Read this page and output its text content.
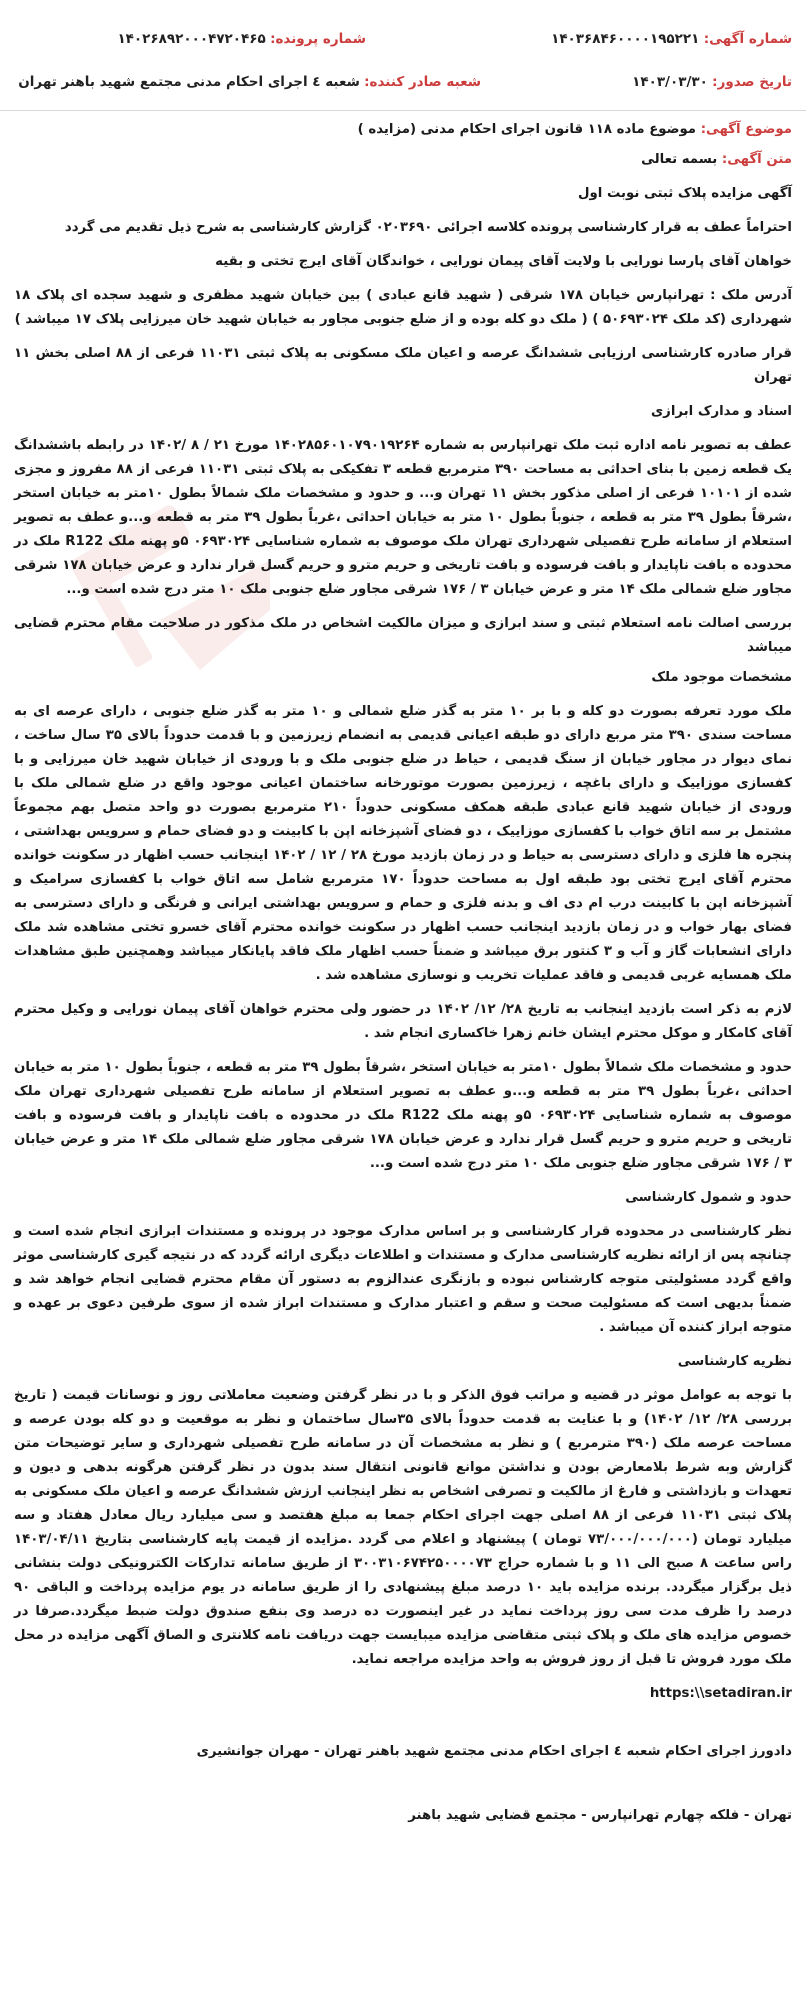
شماره آگهی: ۱۴۰۳۶۸۴۶۰۰۰۰۱۹۵۲۲۱
شماره پرونده: ۱۴۰۲۶۸۹۲۰۰۰۴۷۲۰۴۶۵
تاریخ صدور: ۱۴۰۳/۰۳/۳۰
شعبه صادر کننده: شعبه ٤ اجرای احکام مدنی مجتمع شهید باهنر تهران
موضوع آگهی: موضوع ماده ۱۱۸ قانون اجرای احکام مدنی (مزایده )
متن آگهی: بسمه تعالی
آگهی مزایده پلاک ثبتی نوبت اول
احتراماً عطف به قرار کارشناسی پرونده کلاسه اجرائی ۰۲۰۳۶۹۰ گزارش کارشناسی به شرح ذیل تقدیم می گردد
خواهان آقای پارسا نورایی با ولایت آقای پیمان نورایی ، خواندگان آقای ایرج تختی و بقیه
آدرس ملک : تهرانپارس خیابان ۱۷۸ شرقی ( شهید قانع عبادی ) بین خیابان شهید مظفری و شهید سجده ای پلاک ۱۸ شهرداری (کد ملک ۵۰۶۹۳۰۲۴ ) ( ملک دو کله بوده و از ضلع جنوبی مجاور به خیابان شهید خان میرزایی پلاک ۱۷ میباشد )
قرار صادره کارشناسی ارزیابی ششدانگ عرصه و اعیان ملک مسکونی به پلاک ثبتی ۱۱۰۳۱ فرعی از ۸۸ اصلی بخش ۱۱ تهران
اسناد و مدارک ابرازی
عطف به تصویر نامه اداره ثبت ملک تهرانپارس به شماره ۱۴۰۲۸۵۶۰۱۰۷۹۰۱۹۲۶۴ مورخ ۲۱ / ۸ /۱۴۰۲ در رابطه باششدانگ یک قطعه زمین با بنای احداثی به مساحت ۳۹۰ مترمربع قطعه ۳ تفکیکی به پلاک ثبتی ۱۱۰۳۱ فرعی از ۸۸ مفروز و مجزی شده از ۱۰۱۰۱ فرعی از اصلی مذکور بخش ۱۱ تهران و... و حدود و مشخصات ملک شمالاً بطول ۱۰متر به خیابان استخر ،شرقاً بطول ۳۹ متر به قطعه ، جنوباً بطول ۱۰ متر به خیابان احداثی ،غرباً بطول ۳۹ متر به قطعه و...و عطف به تصویر استعلام از سامانه طرح تفصیلی شهرداری تهران ملک موصوف به شماره شناسایی ۰۶۹۳۰۲۴ ۵و پهنه ملک R122 ملک در محدوده ه بافت ناپایدار و بافت فرسوده و بافت تاریخی و حریم مترو و حریم گسل قرار ندارد و عرض خیابان ۱۷۸ شرقی مجاور ضلع شمالی ملک ۱۴ متر و عرض خیابان ۳ / ۱۷۶ شرقی مجاور ضلع جنوبی ملک ۱۰ متر درج شده است و...
بررسی اصالت نامه استعلام ثبتی و سند ابرازی و میزان مالکیت اشخاص در ملک مذکور در صلاحیت مقام محترم قضایی میباشد
مشخصات موجود ملک
ملک مورد تعرفه بصورت دو کله و با بر ۱۰ متر به گذر ضلع شمالی و ۱۰ متر به گذر ضلع جنوبی ، دارای عرصه ای به مساحت سندی ۳۹۰ متر مربع دارای دو طبقه اعیانی قدیمی به انضمام زیرزمین و با قدمت حدوداً بالای ۳۵ سال ساخت ، نمای دیوار در مجاور خیابان از سنگ قدیمی ، حیاط در ضلع جنوبی ملک و با ورودی از خیابان شهید خان میرزایی و با کفسازی موزاییک و دارای باغچه ، زیرزمین بصورت موتورخانه ساختمان اعیانی موجود واقع در ضلع شمالی ملک با ورودی از خیابان شهید قانع عبادی طبقه همکف مسکونی حدوداً ۲۱۰ مترمربع بصورت دو واحد متصل بهم مجموعاً مشتمل بر سه اتاق خواب با کفسازی موزاییک ، دو فضای آشپزخانه اپن با کابینت و دو فضای حمام و سرویس بهداشتی ، پنجره ها فلزی و دارای دسترسی به حیاط و در زمان بازدید مورخ ۲۸ / ۱۲ / ۱۴۰۲ اینجانب حسب اظهار در سکونت خوانده محترم آقای ایرج تختی بود طبقه اول به مساحت حدوداً ۱۷۰ مترمربع شامل سه اتاق خواب با کفسازی سرامیک و آشپزخانه اپن با کابینت درب ام دی اف و بدنه فلزی و حمام و سرویس بهداشتی ایرانی و فرنگی و دارای دسترسی به فضای بهار خواب و در زمان بازدید اینجانب حسب اظهار در سکونت خوانده محترم آقای خسرو تختی مشاهده شد ملک دارای انشعابات گاز و آب و ۳ کنتور برق میباشد و ضمناً حسب اظهار ملک فاقد پایانکار میباشد وهمچنین طبق مشاهدات ملک همسایه غربی قدیمی و فاقد عملیات تخریب و نوسازی مشاهده شد .
لازم به ذکر است بازدید اینجانب به تاریخ ۲۸/ ۱۲/ ۱۴۰۲ در حضور ولی محترم خواهان آقای پیمان نورایی و وکیل محترم آقای کامکار و موکل محترم ایشان خانم زهرا خاکساری انجام شد .
حدود و مشخصات ملک شمالاً بطول ۱۰متر به خیابان استخر ،شرقاً بطول ۳۹ متر به قطعه ، جنوباً بطول ۱۰ متر به خیابان احداثی ،غرباً بطول ۳۹ متر به قطعه و...و عطف به تصویر استعلام از سامانه طرح تفصیلی شهرداری تهران ملک موصوف به شماره شناسایی ۰۶۹۳۰۲۴ ۵و پهنه ملک R122 ملک در محدوده ه بافت ناپایدار و بافت فرسوده و بافت تاریخی و حریم مترو و حریم گسل قرار ندارد و عرض خیابان ۱۷۸ شرقی مجاور ضلع شمالی ملک ۱۴ متر و عرض خیابان ۳ / ۱۷۶ شرقی مجاور ضلع جنوبی ملک ۱۰ متر درج شده است و...
حدود و شمول کارشناسی
نظر کارشناسی در محدوده قرار کارشناسی و بر اساس مدارک موجود در پرونده و مستندات ابرازی انجام شده است و چنانچه پس از ارائه نظریه کارشناسی مدارک و مستندات و اطلاعات دیگری ارائه گردد که در نتیجه گیری کارشناسی موثر واقع گردد مسئولیتی متوجه کارشناس نبوده و بازنگری عندالزوم به دستور آن مقام محترم قضایی انجام خواهد شد و ضمناً بدیهی است که مسئولیت صحت و سقم و اعتبار مدارک و مستندات ابراز شده از سوی طرفین دعوی بر عهده و متوجه ابراز کننده آن میباشد .
نظریه کارشناسی
با توجه به عوامل موثر در قضیه و مراتب فوق الذکر و با در نظر گرفتن وضعیت معاملاتی روز و نوسانات قیمت ( تاریخ بررسی ۲۸/ ۱۲/ ۱۴۰۲) و با عنایت به قدمت حدوداً بالای ۳۵سال ساختمان و نظر به موقعیت و دو کله بودن عرصه و مساحت عرصه ملک (۳۹۰ مترمربع ) و نظر به مشخصات آن در سامانه طرح تفصیلی شهرداری و سایر توضیحات متن گزارش وبه شرط بلامعارض بودن و نداشتن موانع قانونی انتقال سند بدون در نظر گرفتن هرگونه بدهی و دیون و تعهدات و بازداشتی و فارغ از مالکیت و تصرفی اشخاص به نظر اینجانب ارزش ششدانگ عرصه و اعیان ملک مسکونی به پلاک ثبتی ۱۱۰۳۱ فرعی از ۸۸ اصلی جهت اجرای احکام جمعا به مبلغ هفتصد و سی میلیارد ریال معادل هفتاد و سه میلیارد تومان (۷۳/۰۰۰/۰۰۰/۰۰۰ تومان ) پیشنهاد و اعلام می گردد .مزایده از قیمت پایه کارشناسی بتاریخ ۱۴۰۳/۰۴/۱۱ راس ساعت ۸ صبح الی ۱۱ و با شماره حراج ۳۰۰۳۱۰۶۷۴۲۵۰۰۰۰۷۳ از طریق سامانه تدارکات الکترونیکی دولت بنشانی ذیل برگزار میگردد. برنده مزایده باید ۱۰ درصد مبلغ پیشنهادی را از طریق سامانه در یوم مزایده پرداخت و الباقی ۹۰ درصد را ظرف مدت سی روز پرداخت نماید در غیر اینصورت ده درصد وی بنفع صندوق دولت ضبط میگردد.صرفا در خصوص مزایده های ملک و پلاک ثبتی متقاضی مزایده میبایست جهت دریافت نامه کلانتری و الصاق آگهی مزایده در محل ملک مورد فروش تا قبل از روز فروش به واحد مزایده مراجعه نماید.
https:\\setadiran.ir
دادورز اجرای احکام شعبه ٤ اجرای احکام مدنی مجتمع شهید باهنر تهران - مهران جوانشیری
تهران - فلکه چهارم تهرانپارس - مجتمع قضایی شهید باهنر
